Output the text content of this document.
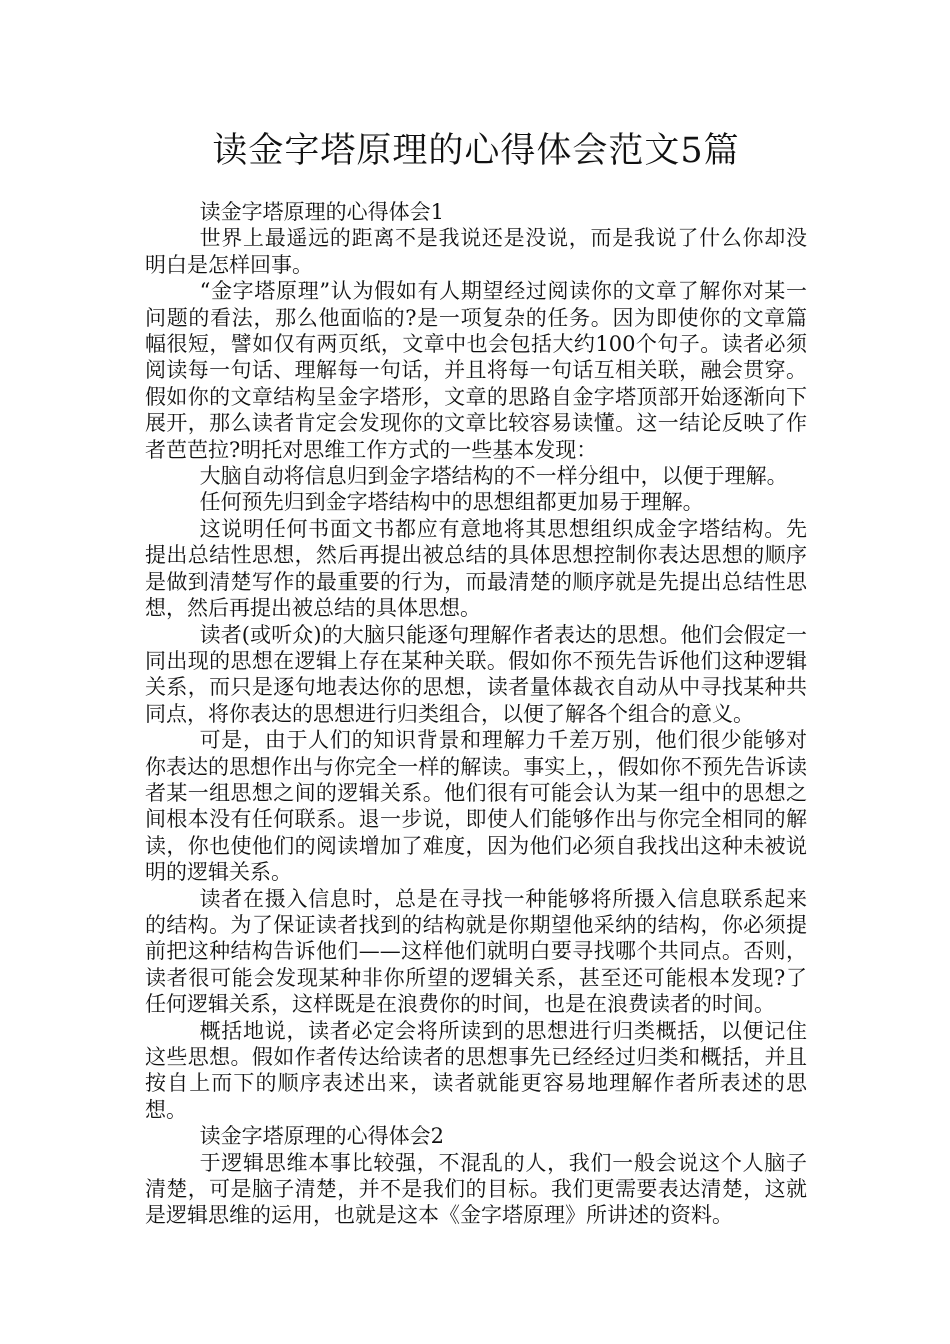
读金字塔原理的心得体会范文5篇

读金字塔原理的心得体会1

世界上最遥远的距离不是我说还是没说，而是我说了什么你却没明白是怎样回事。

“金字塔原理”认为假如有人期望经过阅读你的文章了解你对某一问题的看法，那么他面临的?是一项复杂的任务。因为即使你的文章篇幅很短，譬如仅有两页纸，文章中也会包括大约100个句子。读者必须阅读每一句话、理解每一句话，并且将每一句话互相关联，融会贯穿。假如你的文章结构呈金字塔形，文章的思路自金字塔顶部开始逐渐向下展开，那么读者肯定会发现你的文章比较容易读懂。这一结论反映了作者芭芭拉?明托对思维工作方式的一些基本发现：

大脑自动将信息归到金字塔结构的不一样分组中，以便于理解。

任何预先归到金字塔结构中的思想组都更加易于理解。

这说明任何书面文书都应有意地将其思想组织成金字塔结构。先提出总结性思想，然后再提出被总结的具体思想控制你表达思想的顺序是做到清楚写作的最重要的行为，而最清楚的顺序就是先提出总结性思想，然后再提出被总结的具体思想。

读者(或听众)的大脑只能逐句理解作者表达的思想。他们会假定一同出现的思想在逻辑上存在某种关联。假如你不预先告诉他们这种逻辑关系，而只是逐句地表达你的思想，读者量体裁衣自动从中寻找某种共同点，将你表达的思想进行归类组合，以便了解各个组合的意义。

可是，由于人们的知识背景和理解力千差万别，他们很少能够对你表达的思想作出与你完全一样的解读。事实上，，假如你不预先告诉读者某一组思想之间的逻辑关系。他们很有可能会认为某一组中的思想之间根本没有任何联系。退一步说，即使人们能够作出与你完全相同的解读，你也使他们的阅读增加了难度，因为他们必须自我找出这种未被说明的逻辑关系。

读者在摄入信息时，总是在寻找一种能够将所摄入信息联系起来的结构。为了保证读者找到的结构就是你期望他采纳的结构，你必须提前把这种结构告诉他们——这样他们就明白要寻找哪个共同点。否则，读者很可能会发现某种非你所望的逻辑关系，甚至还可能根本发现?了任何逻辑关系，这样既是在浪费你的时间，也是在浪费读者的时间。

概括地说，读者必定会将所读到的思想进行归类概括，以便记住这些思想。假如作者传达给读者的思想事先已经经过归类和概括，并且按自上而下的顺序表述出来，读者就能更容易地理解作者所表述的思想。

读金字塔原理的心得体会2

于逻辑思维本事比较强，不混乱的人，我们一般会说这个人脑子清楚，可是脑子清楚，并不是我们的目标。我们更需要表达清楚，这就是逻辑思维的运用，也就是这本《金字塔原理》所讲述的资料。
